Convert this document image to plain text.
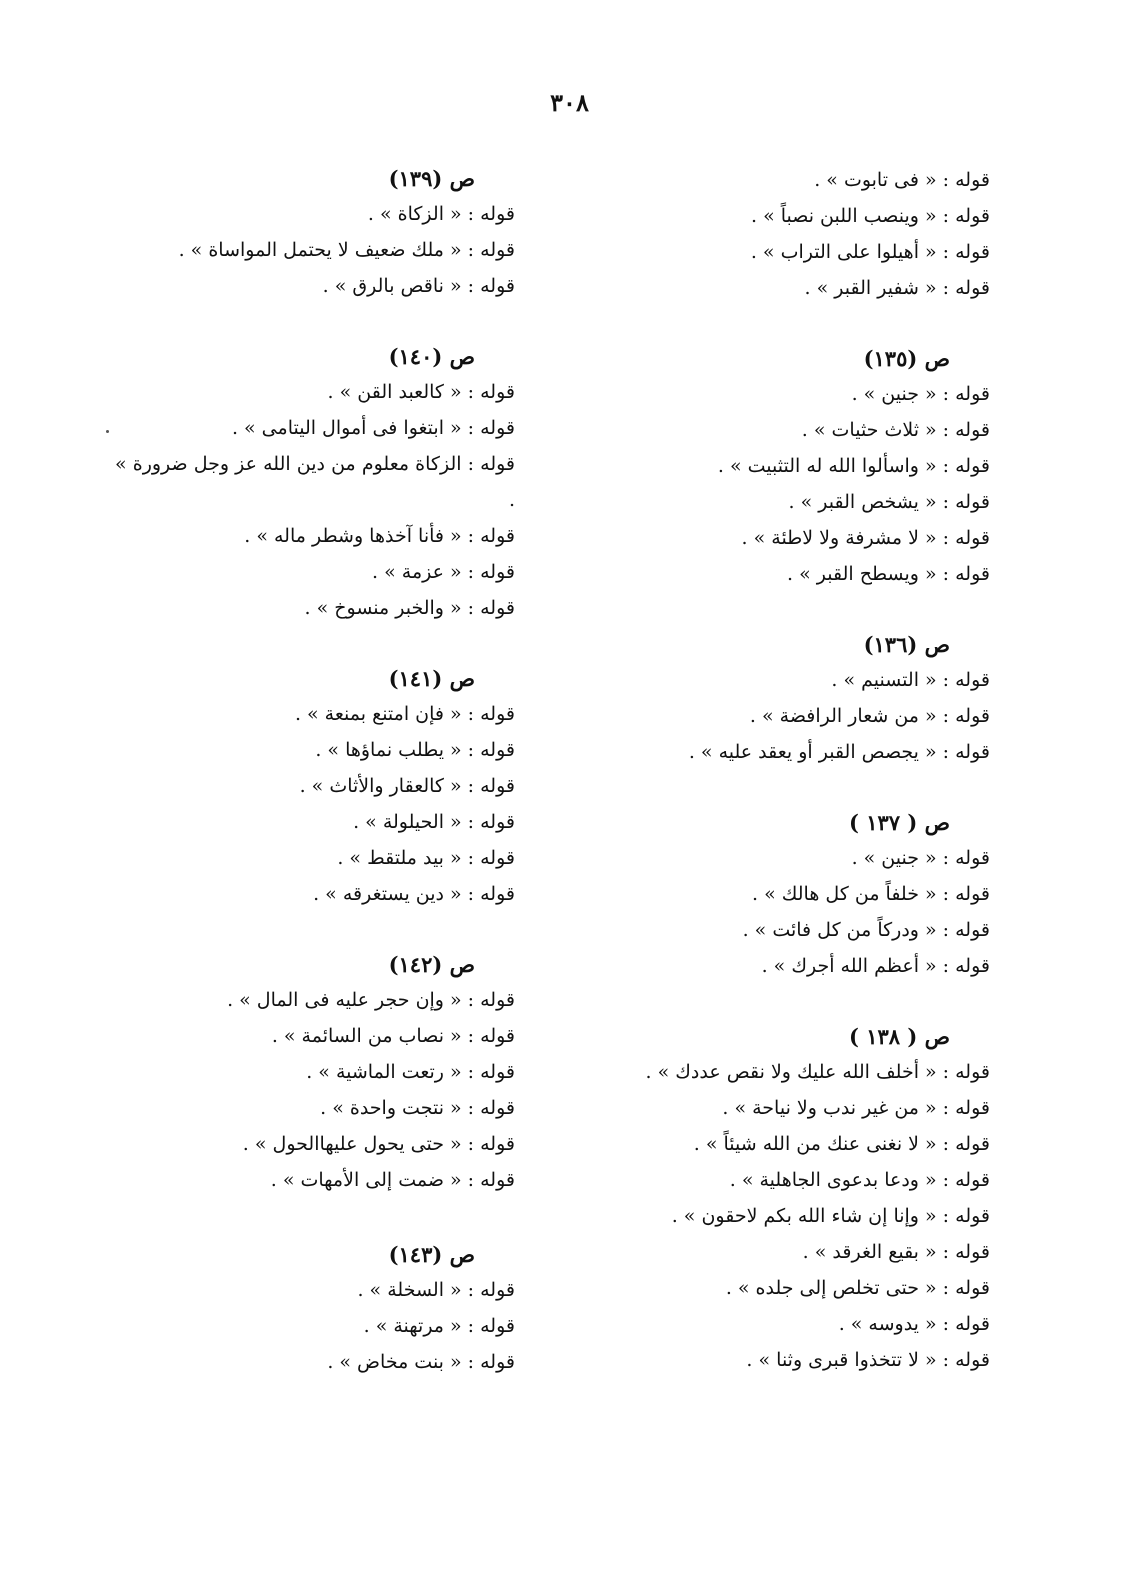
٣٠٨
قوله : « فى تابوت » .
قوله : « وينصب اللبن نصباً » .
قوله : « أهيلوا على التراب » .
قوله : « شفير القبر » .
ص (١٣٥)
قوله : « جنين » .
قوله : « ثلاث حثيات » .
قوله : « واسألوا الله له التثبيت » .
قوله : « يشخص القبر » .
قوله : « لا مشرفة ولا لاطئة » .
قوله : « ويسطح القبر » .
ص (١٣٦)
قوله : « التسنيم » .
قوله : « من شعار الرافضة » .
قوله : « يجصص القبر أو يعقد عليه » .
ص ( ١٣٧ )
قوله : « جنين » .
قوله : « خلفاً من كل هالك » .
قوله : « ودركاً من كل فائت » .
قوله : « أعظم الله أجرك » .
ص ( ١٣٨ )
قوله : « أخلف الله عليك ولا نقص عددك » .
قوله : « من غير ندب ولا نياحة » .
قوله : « لا نغنى عنك من الله شيئاً » .
قوله : « ودعا بدعوى الجاهلية » .
قوله : « وإنا إن شاء الله بكم لاحقون » .
قوله : « بقيع الغرقد » .
قوله : « حتى تخلص إلى جلده » .
قوله : « يدوسه » .
قوله : « لا تتخذوا قبرى وثنا » .
ص (١٣٩)
قوله : « الزكاة » .
قوله : « ملك ضعيف لا يحتمل المواساة » .
قوله : « ناقص بالرق » .
ص (١٤٠)
قوله : « كالعبد القن » .
قوله : « ابتغوا فى أموال اليتامى » .
قوله : الزكاة معلوم من دين الله عز وجل ضرورة » .
قوله : « فأنا آخذها وشطر ماله » .
قوله : « عزمة » .
قوله : « والخبر منسوخ » .
ص (١٤١)
قوله : « فإن امتنع بمنعة » .
قوله : « يطلب نماؤها » .
قوله : « كالعقار والأثاث » .
قوله : « الحيلولة » .
قوله : « بيد ملتقط » .
قوله : « دين يستغرقه » .
ص (١٤٢)
قوله : « وإن حجر عليه فى المال » .
قوله : « نصاب من السائمة » .
قوله : « رتعت الماشية » .
قوله : « نتجت واحدة » .
قوله : « حتى يحول عليهاالحول » .
قوله : « ضمت إلى الأمهات » .
ص (١٤٣)
قوله : « السخلة » .
قوله : « مرتهنة » .
قوله : « بنت مخاض » .
